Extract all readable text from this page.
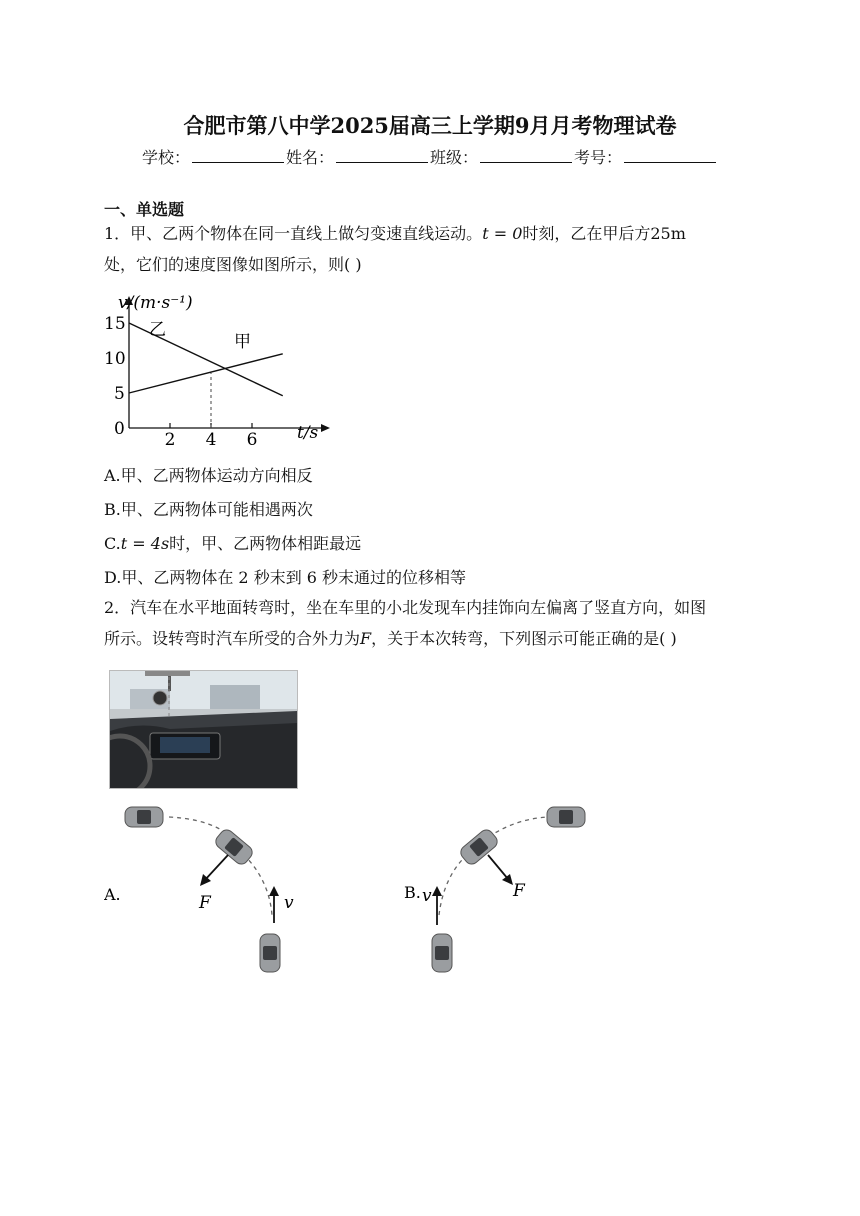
合肥市第八中学2025届高三上学期9月月考物理试卷
学校：	姓名：	班级：	考号：
一、单选题
1．甲、乙两个物体在同一直线上做匀变速直线运动。t = 0时刻，乙在甲后方25m
处，它们的速度图像如图所示，则( )
v/(m·s⁻¹)
t/s
0
5
10
15
2 4 6
甲
乙
A.甲、乙两物体运动方向相反
B.甲、乙两物体可能相遇两次
C.t = 4s时，甲、乙两物体相距最远
D.甲、乙两物体在 2 秒末到 6 秒末通过的位移相等
2．汽车在水平地面转弯时，坐在车里的小北发现车内挂饰向左偏离了竖直方向，如图
所示。设转弯时汽车所受的合外力为F，关于本次转弯，下列图示可能正确的是( )
F	v
A.	F
v
B.
